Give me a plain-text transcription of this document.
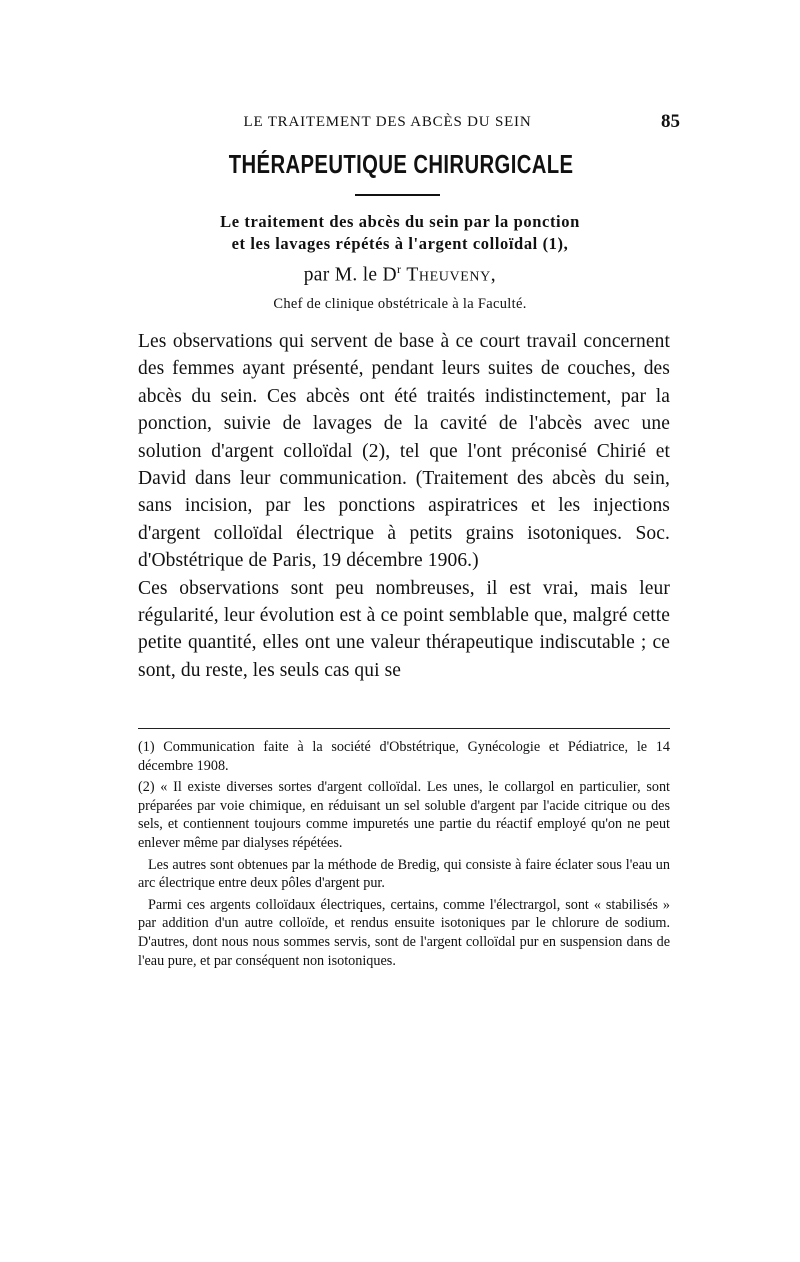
LE TRAITEMENT DES ABCÈS DU SEIN	85
THÉRAPEUTIQUE CHIRURGICALE
Le traitement des abcès du sein par la ponction
et les lavages répétés à l'argent colloïdal (1),
par M. le $D^r$ Theuveny,
Chef de clinique obstétricale à la Faculté.

Les observations qui servent de base à ce court travail concernent des femmes ayant présenté, pendant leurs suites de couches, des abcès du sein. Ces abcès ont été traités indistinctement, par la ponction, suivie de lavages de la cavité de l'abcès avec une solution d'argent colloïdal (2), tel que l'ont préconisé Chirié et David dans leur communication. (Traitement des abcès du sein, sans incision, par les ponctions aspiratrices et les injections d'argent colloïdal électrique à petits grains isotoniques. Soc. d'Obstétrique de Paris, 19 décembre 1906.)

Ces observations sont peu nombreuses, il est vrai, mais leur régularité, leur évolution est à ce point semblable que, malgré cette petite quantité, elles ont une valeur thérapeutique indiscutable ; ce sont, du reste, les seuls cas qui se

(1) Communication faite à la société d'Obstétrique, Gynécologie et Pédiatrice, le 14 décembre 1908.

(2) « Il existe diverses sortes d'argent colloïdal. Les unes, le collargol en particulier, sont préparées par voie chimique, en réduisant un sel soluble d'argent par l'acide citrique ou des sels, et contiennent toujours comme impuretés une partie du réactif employé qu'on ne peut enlever même par dialyses répétées.

Les autres sont obtenues par la méthode de Bredig, qui consiste à faire éclater sous l'eau un arc électrique entre deux pôles d'argent pur.

Parmi ces argents colloïdaux électriques, certains, comme l'électrargol, sont « stabilisés » par addition d'un autre colloïde, et rendus ensuite isotoniques par le chlorure de sodium. D'autres, dont nous nous sommes servis, sont de l'argent colloïdal pur en suspension dans de l'eau pure, et par conséquent non isotoniques.
